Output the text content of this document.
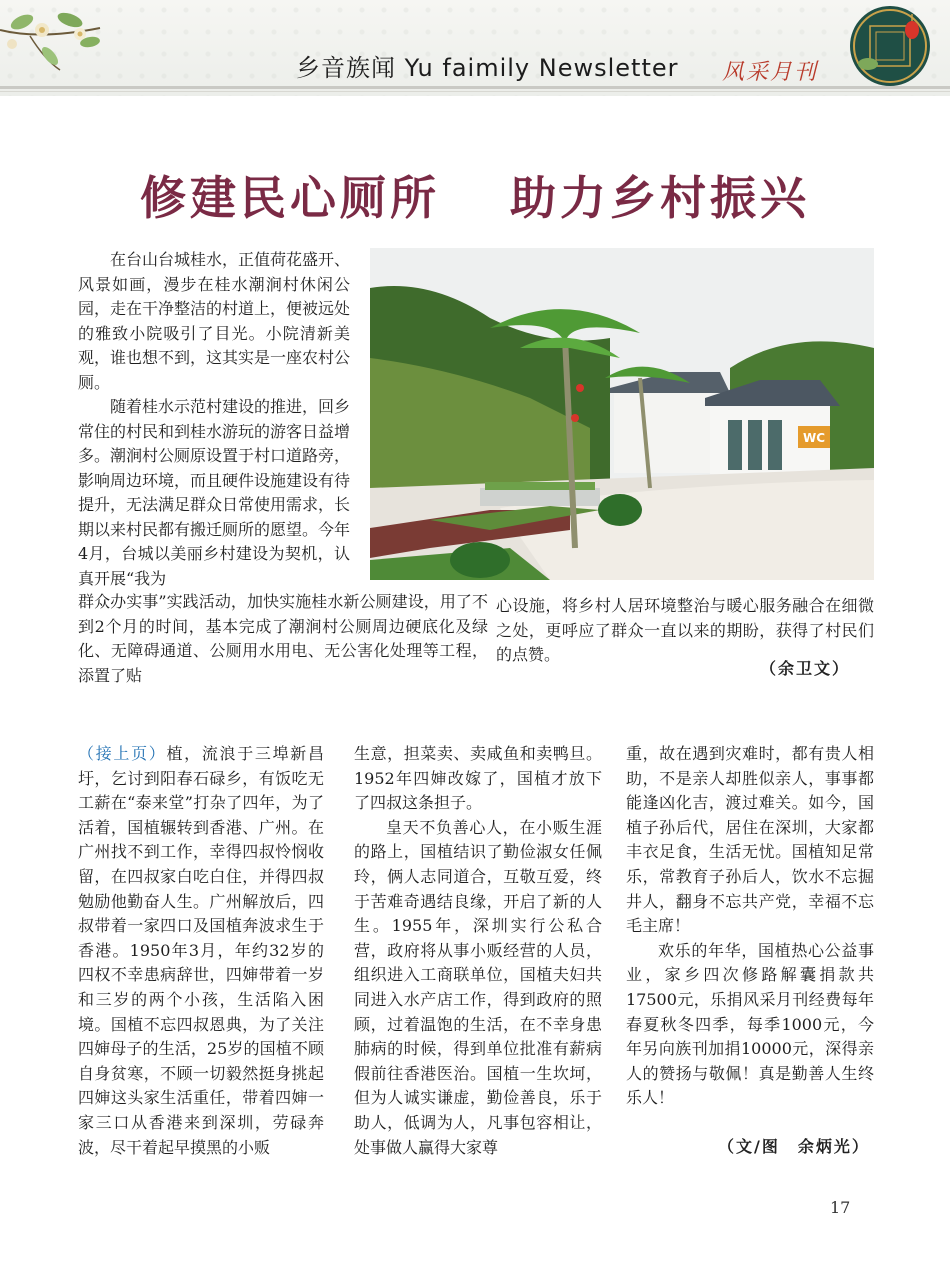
乡音族闻 Yu faimily Newsletter 风采月刊
修建民心厕所 助力乡村振兴

在台山台城桂水，正值荷花盛开、风景如画，漫步在桂水潮涧村休闲公园，走在干净整洁的村道上，便被远处的雅致小院吸引了目光。小院清新美观，谁也想不到，这其实是一座农村公厕。

随着桂水示范村建设的推进，回乡常住的村民和到桂水游玩的游客日益增多。潮涧村公厕原设置于村口道路旁，影响周边环境，而且硬件设施建设有待提升，无法满足群众日常使用需求，长期以来村民都有搬迁厕所的愿望。今年4月，台城以美丽乡村建设为契机，认真开展“我为

WC

群众办实事”实践活动，加快实施桂水新公厕建设，用了不到2个月的时间，基本完成了潮涧村公厕周边硬底化及绿化、无障碍通道、公厕用水用电、无公害化处理等工程，添置了贴

心设施，将乡村人居环境整治与暖心服务融合在细微之处，更呼应了群众一直以来的期盼，获得了村民们的点赞。

（余卫文）

（接上页）植，流浪于三埠新昌圩，乞讨到阳春石碌乡，有饭吃无工薪在“泰来堂”打杂了四年，为了活着，国植辗转到香港、广州。在广州找不到工作，幸得四叔怜悯收留，在四叔家白吃白住，并得四叔勉励他勤奋人生。广州解放后，四叔带着一家四口及国植奔波求生于香港。1950年3月，年约32岁的四权不幸患病辞世，四婶带着一岁和三岁的两个小孩，生活陷入困境。国植不忘四叔恩典，为了关注四婶母子的生活，25岁的国植不顾自身贫寒，不顾一切毅然挺身挑起四婶这头家生活重任，带着四婶一家三口从香港来到深圳，劳碌奔波，尽干着起早摸黑的小贩

生意，担菜卖、卖咸鱼和卖鸭旦。1952年四婶改嫁了，国植才放下了四叔这条担子。

皇天不负善心人，在小贩生涯的路上，国植结识了勤俭淑女任佩玲，俩人志同道合，互敬互爱，终于苦难奇遇结良缘，开启了新的人生。1955年，深圳实行公私合营，政府将从事小贩经营的人员，组织进入工商联单位，国植夫妇共同进入水产店工作，得到政府的照顾，过着温饱的生活，在不幸身患肺病的时候，得到单位批准有薪病假前往香港医治。国植一生坎坷，但为人诚实谦虚，勤俭善良，乐于助人，低调为人，凡事包容相让，处事做人赢得大家尊

重，故在遇到灾难时，都有贵人相助，不是亲人却胜似亲人，事事都能逢凶化吉，渡过难关。如今，国植子孙后代，居住在深圳，大家都丰衣足食，生活无忧。国植知足常乐，常教育子孙后人，饮水不忘掘井人，翻身不忘共产党，幸福不忘毛主席！

欢乐的年华，国植热心公益事业，家乡四次修路解囊捐款共17500元，乐捐风采月刊经费每年春夏秋冬四季，每季1000元，今年另向族刊加捐10000元，深得亲人的赞扬与敬佩！真是勤善人生终乐人！

（文/图　余炳光）
17
